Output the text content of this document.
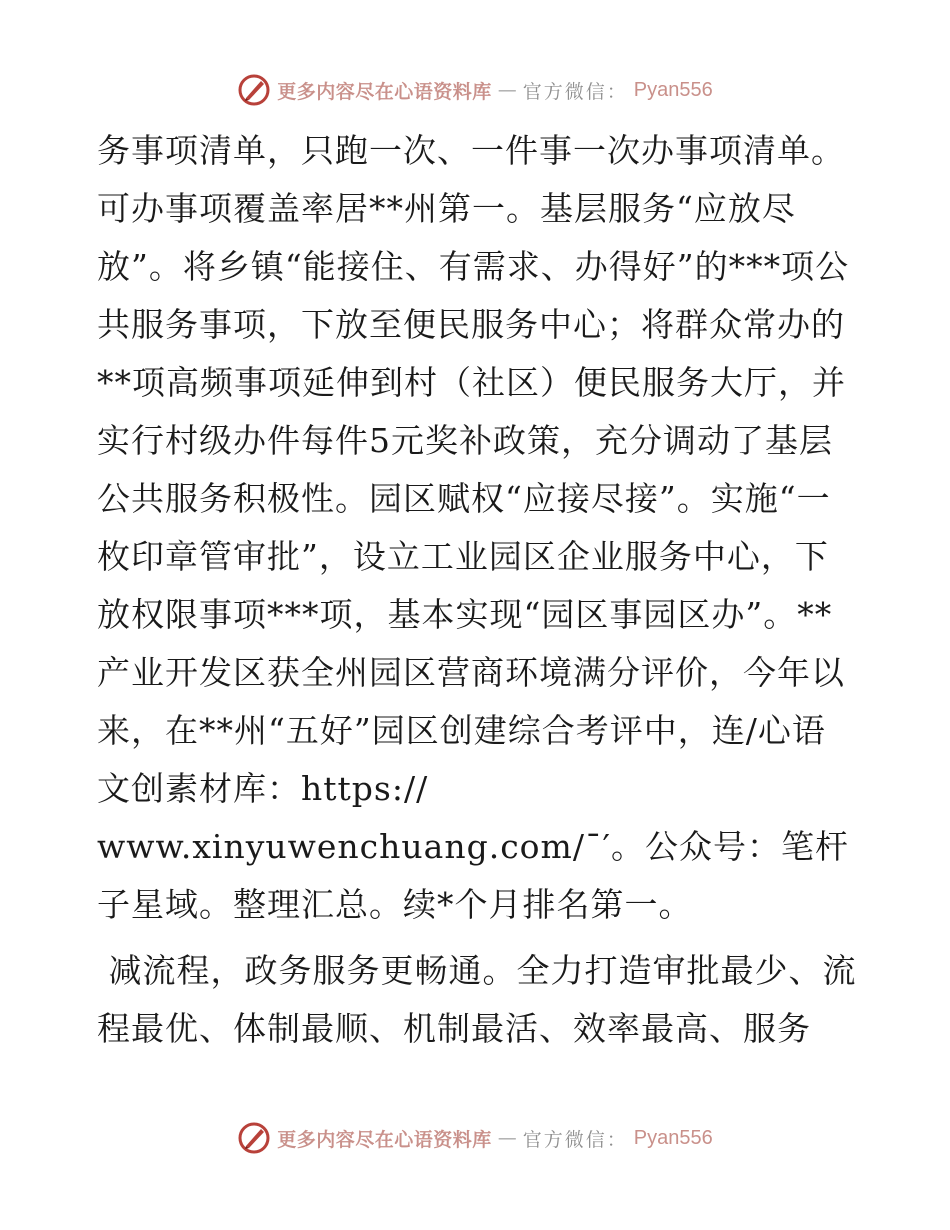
更多内容尽在心语资料库 — 官方微信： Pyan556

务事项清单，只跑一次、一件事一次办事项清单。可办事项覆盖率居**州第一。基层服务“应放尽放”。将乡镇“能接住、有需求、办得好”的***项公共服务事项，下放至便民服务中心；将群众常办的**项高频事项延伸到村（社区）便民服务大厅，并实行村级办件每件5元奖补政策，充分调动了基层公共服务积极性。园区赋权“应接尽接”。实施“一枚印章管审批”，设立工业园区企业服务中心，下放权限事项***项，基本实现“园区事园区办”。**产业开发区获全州园区营商环境满分评价，今年以来，在**州“五好”园区创建综合考评中，连/心语文创素材库：https://
www.xinyuwenchuang.com/¯′。公众号：笔杆子星域。整理汇总。续*个月排名第一。

减流程，政务服务更畅通。全力打造审批最少、流程最优、体制最顺、机制最活、效率最高、服务

更多内容尽在心语资料库 — 官方微信： Pyan556
